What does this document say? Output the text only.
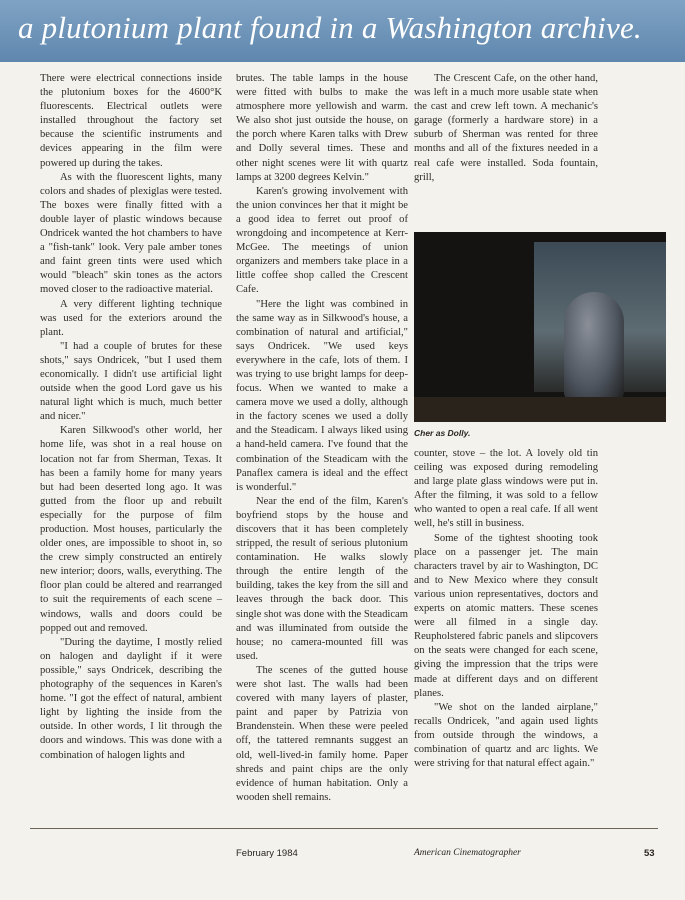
a plutonium plant found in a Washington archive.

There were electrical connections inside the plutonium boxes for the 4600°K fluorescents. Electrical outlets were installed throughout the factory set because the scientific instruments and devices appearing in the film were powered up during the takes.

As with the fluorescent lights, many colors and shades of plexiglas were tested. The boxes were finally fitted with a double layer of plastic windows because Ondricek wanted the hot chambers to have a "fish-tank" look. Very pale amber tones and faint green tints were used which would "bleach" skin tones as the actors moved closer to the radioactive material.

A very different lighting technique was used for the exteriors around the plant.

"I had a couple of brutes for these shots," says Ondricek, "but I used them economically. I didn't use artificial light outside when the good Lord gave us his natural light which is much, much better and nicer."

Karen Silkwood's other world, her home life, was shot in a real house on location not far from Sherman, Texas. It has been a family home for many years but had been deserted long ago. It was gutted from the floor up and rebuilt especially for the purpose of film production. Most houses, particularly the older ones, are impossible to shoot in, so the crew simply constructed an entirely new interior; doors, walls, everything. The floor plan could be altered and rearranged to suit the requirements of each scene – windows, walls and doors could be popped out and removed.

"During the daytime, I mostly relied on halogen and daylight if it were possible," says Ondricek, describing the photography of the sequences in Karen's home. "I got the effect of natural, ambient light by lighting the inside from the outside. In other words, I lit through the doors and windows. This was done with a combination of halogen lights and

brutes. The table lamps in the house were fitted with bulbs to make the atmosphere more yellowish and warm. We also shot just outside the house, on the porch where Karen talks with Drew and Dolly several times. These and other night scenes were lit with quartz lamps at 3200 degrees Kelvin."

Karen's growing involvement with the union convinces her that it might be a good idea to ferret out proof of wrongdoing and incompetence at Kerr-McGee. The meetings of union organizers and members take place in a little coffee shop called the Crescent Cafe.

"Here the light was combined in the same way as in Silkwood's house, a combination of natural and artificial," says Ondricek. "We used keys everywhere in the cafe, lots of them. I was trying to use bright lamps for deep-focus. When we wanted to make a camera move we used a dolly, although in the factory scenes we used a dolly and the Steadicam. I always liked using a hand-held camera. I've found that the combination of the Steadicam with the Panaflex camera is ideal and the effect is wonderful."

Near the end of the film, Karen's boyfriend stops by the house and discovers that it has been completely stripped, the result of serious plutonium contamination. He walks slowly through the entire length of the building, takes the key from the sill and leaves through the back door. This single shot was done with the Steadicam and was illuminated from outside the house; no camera-mounted fill was used.

The scenes of the gutted house were shot last. The walls had been covered with many layers of plaster, paint and paper by Patrizia von Brandenstein. When these were peeled off, the tattered remnants suggest an old, well-lived-in family home. Paper shreds and paint chips are the only evidence of human habitation. Only a wooden shell remains.

The Crescent Cafe, on the other hand, was left in a much more usable state when the cast and crew left town. A mechanic's garage (formerly a hardware store) in a suburb of Sherman was rented for three months and all of the fixtures needed in a real cafe were installed. Soda fountain, grill,

Cher as Dolly.

counter, stove – the lot. A lovely old tin ceiling was exposed during remodeling and large plate glass windows were put in. After the filming, it was sold to a fellow who wanted to open a real cafe. If all went well, he's still in business.

Some of the tightest shooting took place on a passenger jet. The main characters travel by air to Washington, DC and to New Mexico where they consult various union representatives, doctors and experts on atomic matters. These scenes were all filmed in a single day. Reupholstered fabric panels and slipcovers on the seats were changed for each scene, giving the impression that the trips were made at different days and on different planes.

"We shot on the landed airplane," recalls Ondricek, "and again used lights from outside through the windows, a combination of quartz and arc lights. We were striving for that natural effect again."

February 1984	American Cinematographer	53
